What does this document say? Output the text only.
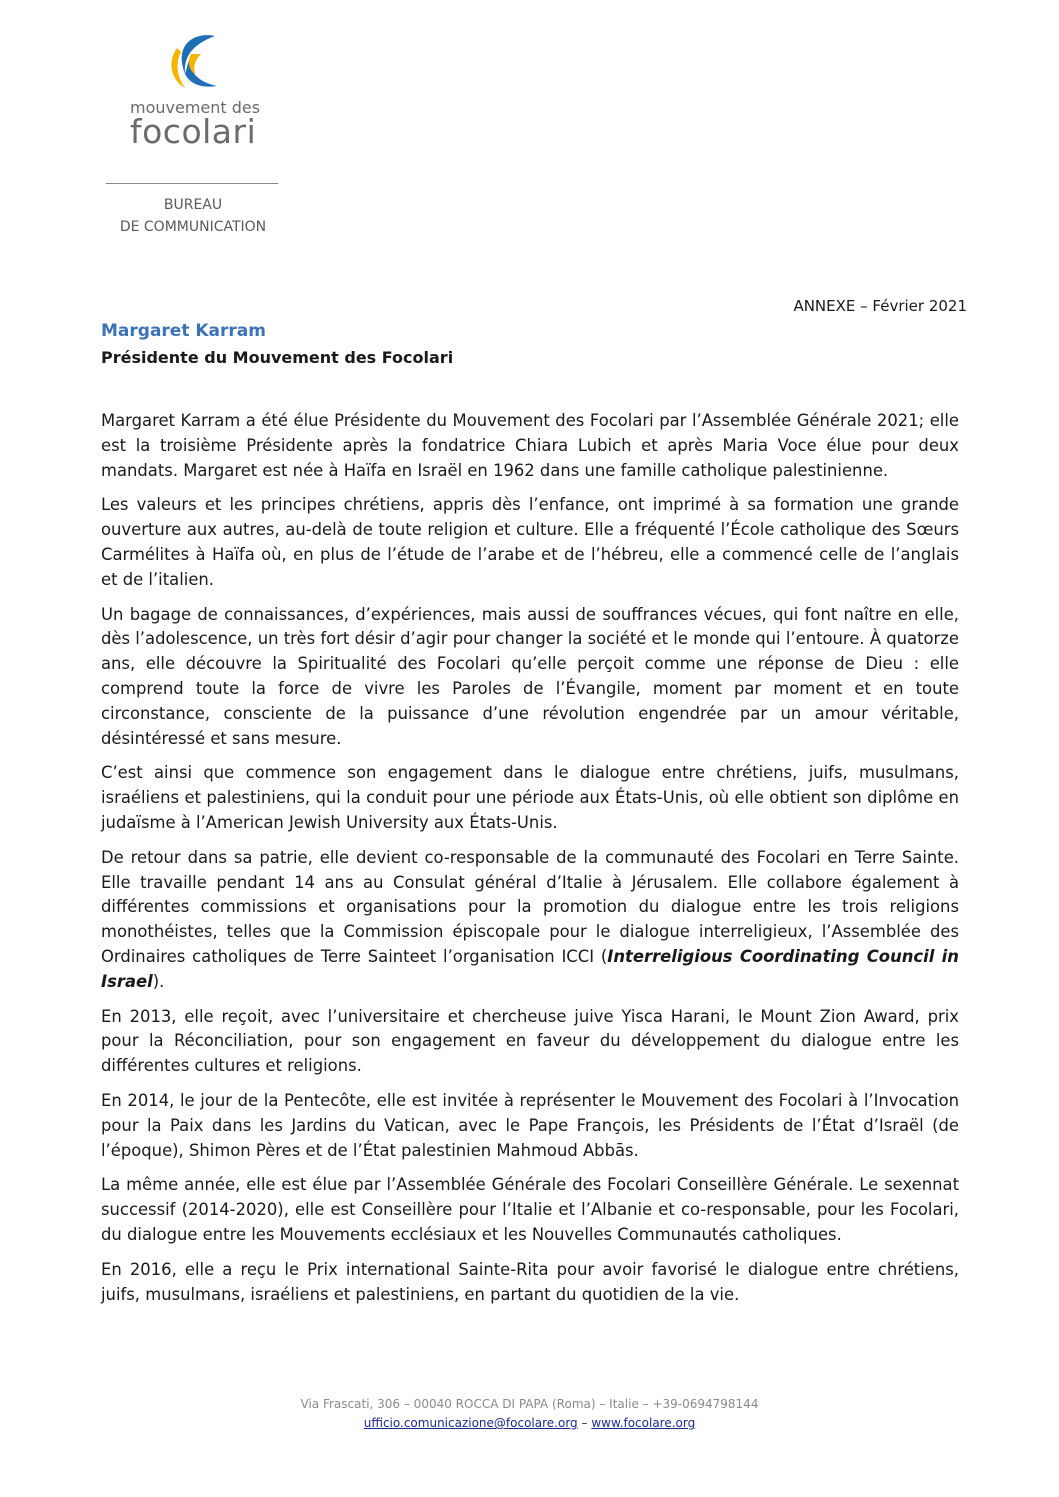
mouvement des
focolari
BUREAU
DE COMMUNICATION
ANNEXE – Février 2021
Margaret Karram
Présidente du Mouvement des Focolari

Margaret Karram a été élue Présidente du Mouvement des Focolari par l’Assemblée Générale 2021; elle est la troisième Présidente après la fondatrice Chiara Lubich et après Maria Voce élue pour deux mandats. Margaret est née à Haïfa en Israël en 1962 dans une famille catholique palestinienne.

Les valeurs et les principes chrétiens, appris dès l’enfance, ont imprimé à sa formation une grande ouverture aux autres, au-delà de toute religion et culture. Elle a fréquenté l’École catholique des Sœurs Carmélites à Haïfa où, en plus de l’étude de l’arabe et de l’hébreu, elle a commencé celle de l’anglais et de l’italien.

Un bagage de connaissances, d’expériences, mais aussi de souffrances vécues, qui font naître en elle, dès l’adolescence, un très fort désir d’agir pour changer la société et le monde qui l’entoure. À quatorze ans, elle découvre la Spiritualité des Focolari qu’elle perçoit comme une réponse de Dieu : elle comprend toute la force de vivre les Paroles de l’Évangile, moment par moment et en toute circonstance, consciente de la puissance d’une révolution engendrée par un amour véritable, désintéressé et sans mesure.

C’est ainsi que commence son engagement dans le dialogue entre chrétiens, juifs, musulmans, israéliens et palestiniens, qui la conduit pour une période aux États-Unis, où elle obtient son diplôme en judaïsme à l’American Jewish University aux États-Unis.

De retour dans sa patrie, elle devient co-responsable de la communauté des Focolari en Terre Sainte. Elle travaille pendant 14 ans au Consulat général d’Italie à Jérusalem. Elle collabore également à différentes commissions et organisations pour la promotion du dialogue entre les trois religions monothéistes, telles que la Commission épiscopale pour le dialogue interreligieux, l’Assemblée des Ordinaires catholiques de Terre Sainteet l’organisation ICCI (Interreligious Coordinating Council in Israel).

En 2013, elle reçoit, avec l’universitaire et chercheuse juive Yisca Harani, le Mount Zion Award, prix pour la Réconciliation, pour son engagement en faveur du développement du dialogue entre les différentes cultures et religions.

En 2014, le jour de la Pentecôte, elle est invitée à représenter le Mouvement des Focolari à l’Invocation pour la Paix dans les Jardins du Vatican, avec le Pape François, les Présidents de l’État d’Israël (de l’époque), Shimon Pères et de l’État palestinien Mahmoud Abbās.

La même année, elle est élue par l’Assemblée Générale des Focolari Conseillère Générale. Le sexennat successif (2014-2020), elle est Conseillère pour l’Italie et l’Albanie et co-responsable, pour les Focolari, du dialogue entre les Mouvements ecclésiaux et les Nouvelles Communautés catholiques.

En 2016, elle a reçu le Prix international Sainte-Rita pour avoir favorisé le dialogue entre chrétiens, juifs, musulmans, israéliens et palestiniens, en partant du quotidien de la vie.

Via Frascati, 306 – 00040 ROCCA DI PAPA (Roma) – Italie – +39-0694798144
ufficio.comunicazione@focolare.org – www.focolare.org
